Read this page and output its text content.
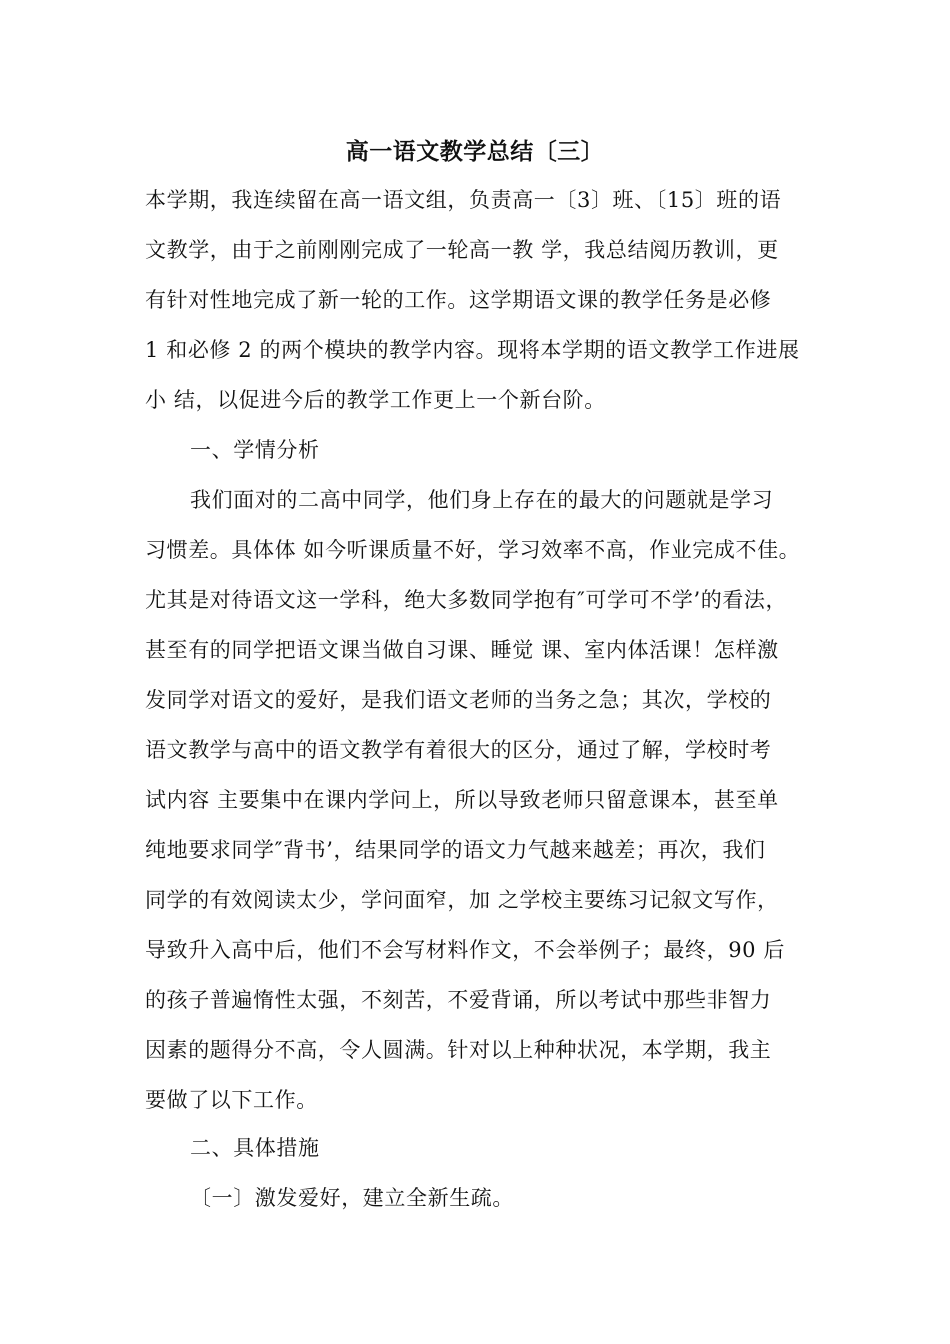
高一语文教学总结〔三〕
本学期，我连续留在高一语文组，负责高一〔3〕班、〔15〕班的语
文教学，由于之前刚刚完成了一轮高一教 学，我总结阅历教训，更
有针对性地完成了新一轮的工作。这学期语文课的教学任务是必修
1 和必修 2 的两个模块的教学内容。现将本学期的语文教学工作进展
小 结，以促进今后的教学工作更上一个新台阶。
一、学情分析
我们面对的二高中同学，他们身上存在的最大的问题就是学习
习惯差。具体体 如今听课质量不好，学习效率不高，作业完成不佳。
尤其是对待语文这一学科，绝大多数同学抱有″可学可不学’的看法，
甚至有的同学把语文课当做自习课、睡觉 课、室内体活课！怎样激
发同学对语文的爱好，是我们语文老师的当务之急；其次，学校的
语文教学与高中的语文教学有着很大的区分，通过了解，学校时考
试内容 主要集中在课内学问上，所以导致老师只留意课本，甚至单
纯地要求同学″背书’，结果同学的语文力气越来越差；再次，我们
同学的有效阅读太少，学问面窄，加 之学校主要练习记叙文写作，
导致升入高中后，他们不会写材料作文，不会举例子；最终，90 后
的孩子普遍惰性太强，不刻苦，不爱背诵，所以考试中那些非智力
因素的题得分不高，令人圆满。针对以上种种状况，本学期，我主
要做了以下工作。
二、具体措施
〔一〕激发爱好，建立全新生疏。
